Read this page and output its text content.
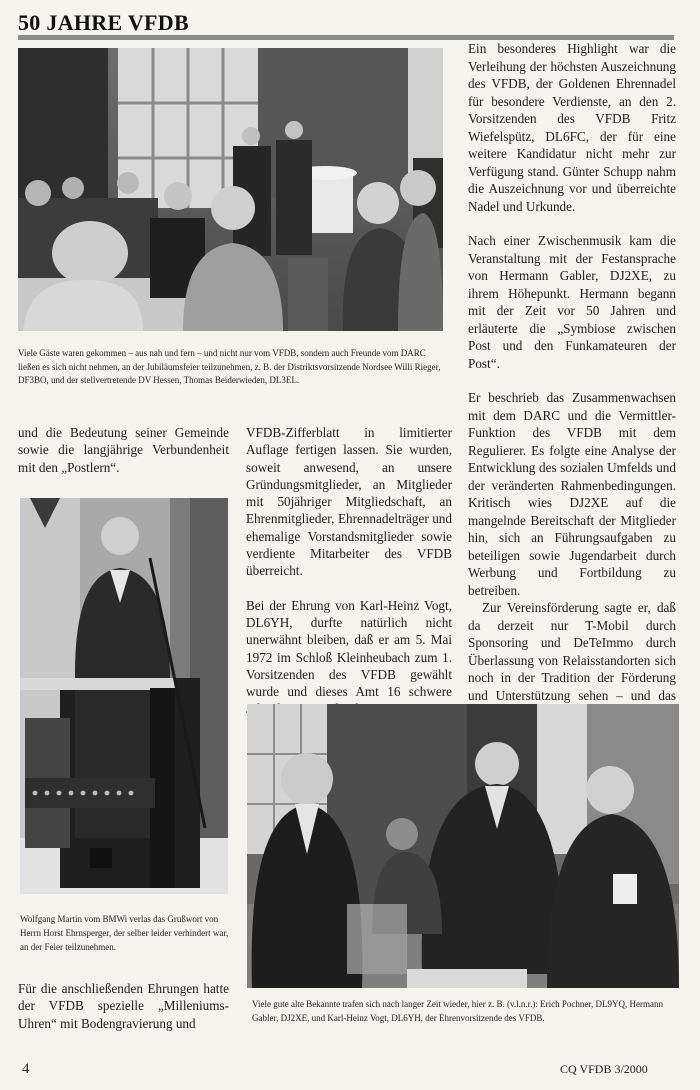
50 JAHRE VFDB
Viele Gäste waren gekommen – aus nah und fern – und nicht nur vom VFDB, sondern auch Freunde vom DARC ließen es sich nicht nehmen, an der Jubiläumsfeier teilzunehmen, z. B. der Distriktsvorsitzende Nordsee Willi Rieger, DF3BO, und der stellvertretende DV Hessen, Thomas Beiderwieden, DL3EL.

Ein besonderes Highlight war die Verleihung der höchsten Auszeichnung des VFDB, der Goldenen Ehrennadel für besondere Verdienste, an den 2. Vorsitzenden des VFDB Fritz Wiefelspütz, DL6FC, der für eine weitere Kandidatur nicht mehr zur Verfügung stand. Günter Schupp nahm die Auszeichnung vor und überreichte Nadel und Urkunde.

Nach einer Zwischenmusik kam die Veranstaltung mit der Festansprache von Hermann Gabler, DJ2XE, zu ihrem Höhepunkt. Hermann begann mit der Zeit vor 50 Jahren und erläuterte die „Symbiose zwischen Post und den Funkamateuren der Post“.

Er beschrieb das Zusammenwachsen mit dem DARC und die Vermittler-Funktion des VFDB mit dem Regulierer. Es folgte eine Analyse der Entwicklung des sozialen Umfelds und der veränderten Rahmenbedingungen. Kritisch wies DJ2XE auf die mangelnde Bereitschaft der Mitglieder hin, sich an Führungsaufgaben zu beteiligen sowie Jugendarbeit durch Werbung und Fortbildung zu betreiben.

Zur Vereinsförderung sagte er, daß da derzeit nur T-Mobil durch Sponsoring und DeTeImmo durch Überlassung von Relaisstandorten sich noch in der Tradition der Förderung und Unterstützung sehen – und das

und die Bedeutung seiner Gemeinde sowie die langjährige Verbundenheit mit den „Postlern“.
Wolfgang Martin vom BMWi verlas das Grußwort von Herrn Horst Ehrnsperger, der selber leider verhindert war, an der Feier teilzunehmen.
Für die anschließenden Ehrungen hatte der VFDB spezielle „Milleniums-Uhren“ mit Bodengravierung und

VFDB-Zifferblatt in limitierter Auflage fertigen lassen. Sie wurden, soweit anwesend, an unsere Gründungsmitglieder, an Mitglieder mit 50jähriger Mitgliedschaft, an Ehrenmitglieder, Ehrennadelträger und ehemalige Vorstandsmitglieder sowie verdiente Mitarbeiter des VFDB überreicht.

Bei der Ehrung von Karl-Heinz Vogt, DL6YH, durfte natürlich nicht unerwähnt bleiben, daß er am 5. Mai 1972 im Schloß Kleinheubach zum 1. Vorsitzenden des VFDB gewählt wurde und dieses Amt 16 schwere

Viele gute alte Bekannte trafen sich nach langer Zeit wieder, hier z. B. (v.l.n.r.): Erich Pochner, DL9YQ, Hermann Gabler, DJ2XE, und Karl-Heinz Vogt, DL6YH, der Ehrenvorsitzende des VFDB.
4	CQ VFDB 3/2000
